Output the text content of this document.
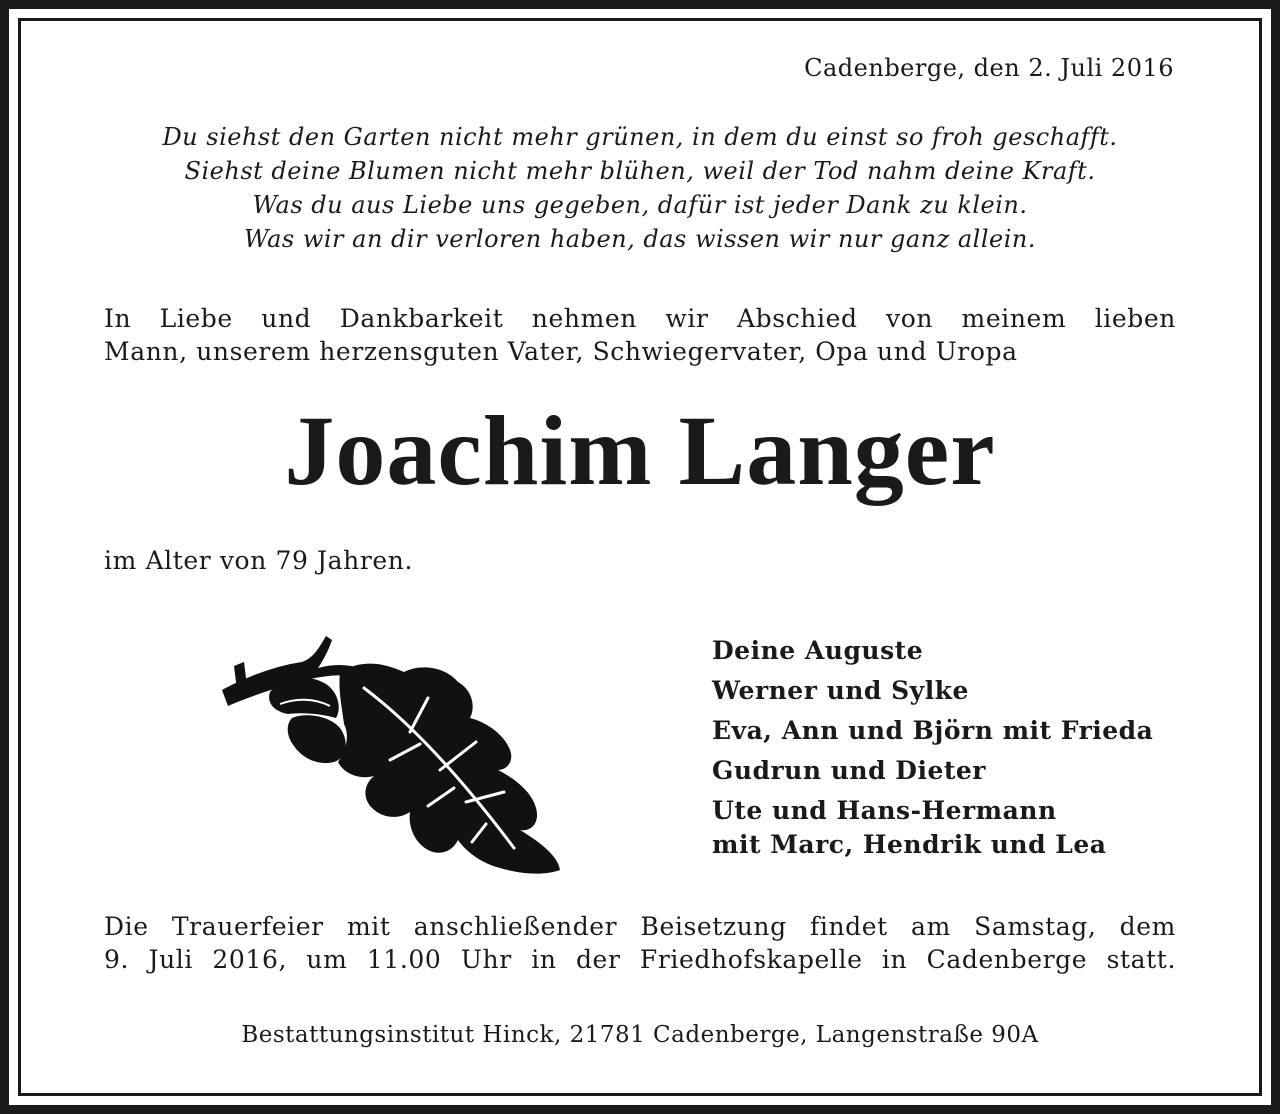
Cadenberge, den 2. Juli 2016
Du siehst den Garten nicht mehr grünen, in dem du einst so froh geschafft.
Siehst deine Blumen nicht mehr blühen, weil der Tod nahm deine Kraft.
Was du aus Liebe uns gegeben, dafür ist jeder Dank zu klein.
Was wir an dir verloren haben, das wissen wir nur ganz allein.
In Liebe und Dankbarkeit nehmen wir Abschied von meinem lieben
Mann, unserem herzensguten Vater, Schwiegervater, Opa und Uropa
Joachim Langer
im Alter von 79 Jahren.
Deine Auguste
Werner und Sylke
Eva, Ann und Björn mit Frieda
Gudrun und Dieter
Ute und Hans-Hermann
mit Marc, Hendrik und Lea
Die Trauerfeier mit anschließender Beisetzung findet am Samstag, dem
9. Juli 2016, um 11.00 Uhr in der Friedhofskapelle in Cadenberge statt.
Bestattungsinstitut Hinck, 21781 Cadenberge, Langenstraße 90A
